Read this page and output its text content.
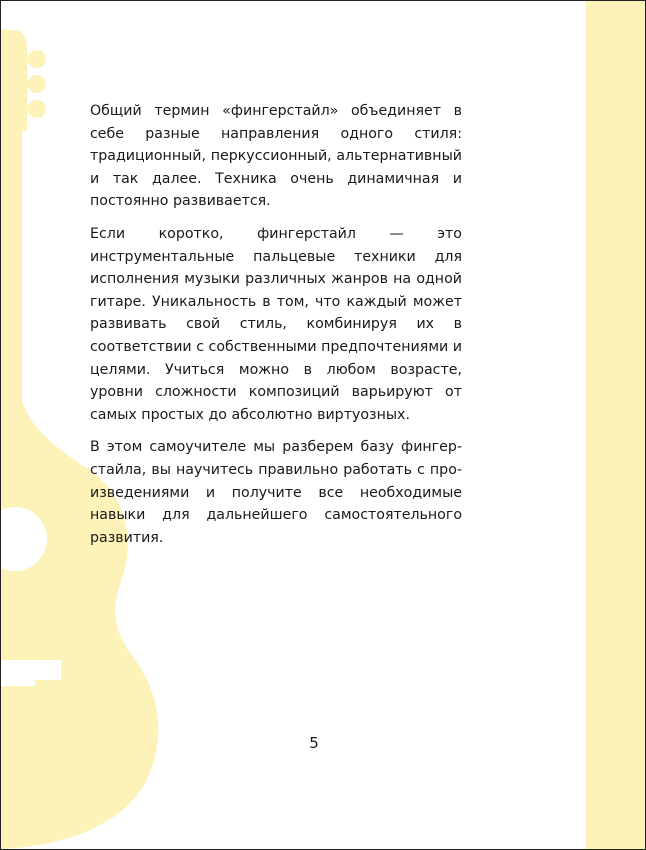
Общий термин «фингерстайл» объединяет в себе разные направления одного стиля: традиционный, перкуссионный, альтернативный и так далее. Техника очень динамичная и постоянно развивается.

Если коротко, фингерстайл — это инструментальные пальцевые техники для исполнения музыки различных жанров на одной гитаре. Уникальность в том, что каждый может развивать свой стиль, комбинируя их в соответствии с собственными предпочтениями и целями. Учиться можно в любом возрасте, уровни сложности композиций варьируют от самых простых до абсолютно виртуозных.

В этом самоучителе мы разберем базу фингерстайла, вы научитесь правильно работать с произведениями и получите все необходимые навыки для дальнейшего самостоятельного развития.

5
